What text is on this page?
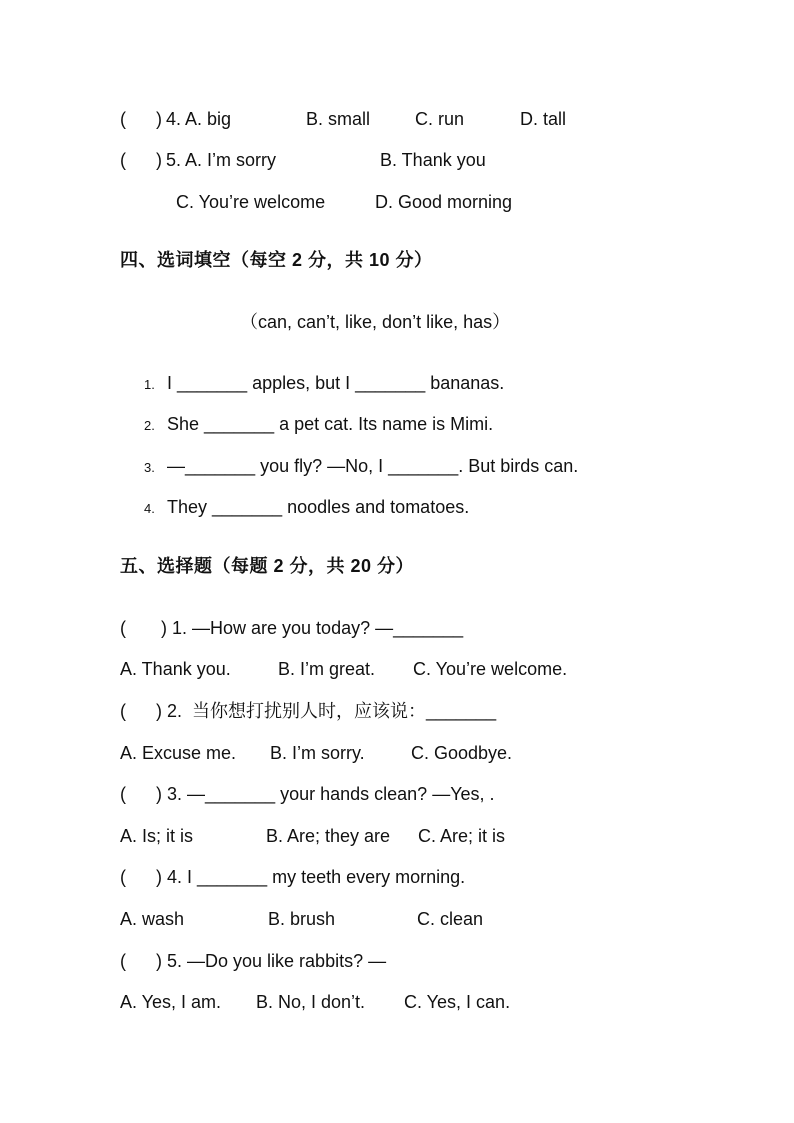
(      ) 4. A. big	B. small C. run	D. tall
(      ) 5. A. I’m sorry	B. Thank you
C. You’re welcome	D. Good morning
四、选词填空（每空 2 分，共 10 分）
（can, can’t, like, don’t like, has）
1. I _______ apples, but I _______ bananas.
2. She _______ a pet cat. Its name is Mimi.
3. —_______ you fly? —No, I _______. But birds can.
4. They _______ noodles and tomatoes.
五、选择题（每题 2 分，共 20 分）
(       ) 1. —How are you today? —_______
A. Thank you.	B. I’m great. C. You’re welcome.
(      ) 2.  当你想打扰别人时，应该说：_______
A. Excuse me. B. I’m sorry.	C. Goodbye.
(      ) 3. —_______ your hands clean? —Yes, .
A. Is; it is	B. Are; they are C. Are; it is
(      ) 4. I _______ my teeth every morning.
A. wash	B. brush	C. clean
(      ) 5. —Do you like rabbits? —
A. Yes, I am. B. No, I don’t. C. Yes, I can.
